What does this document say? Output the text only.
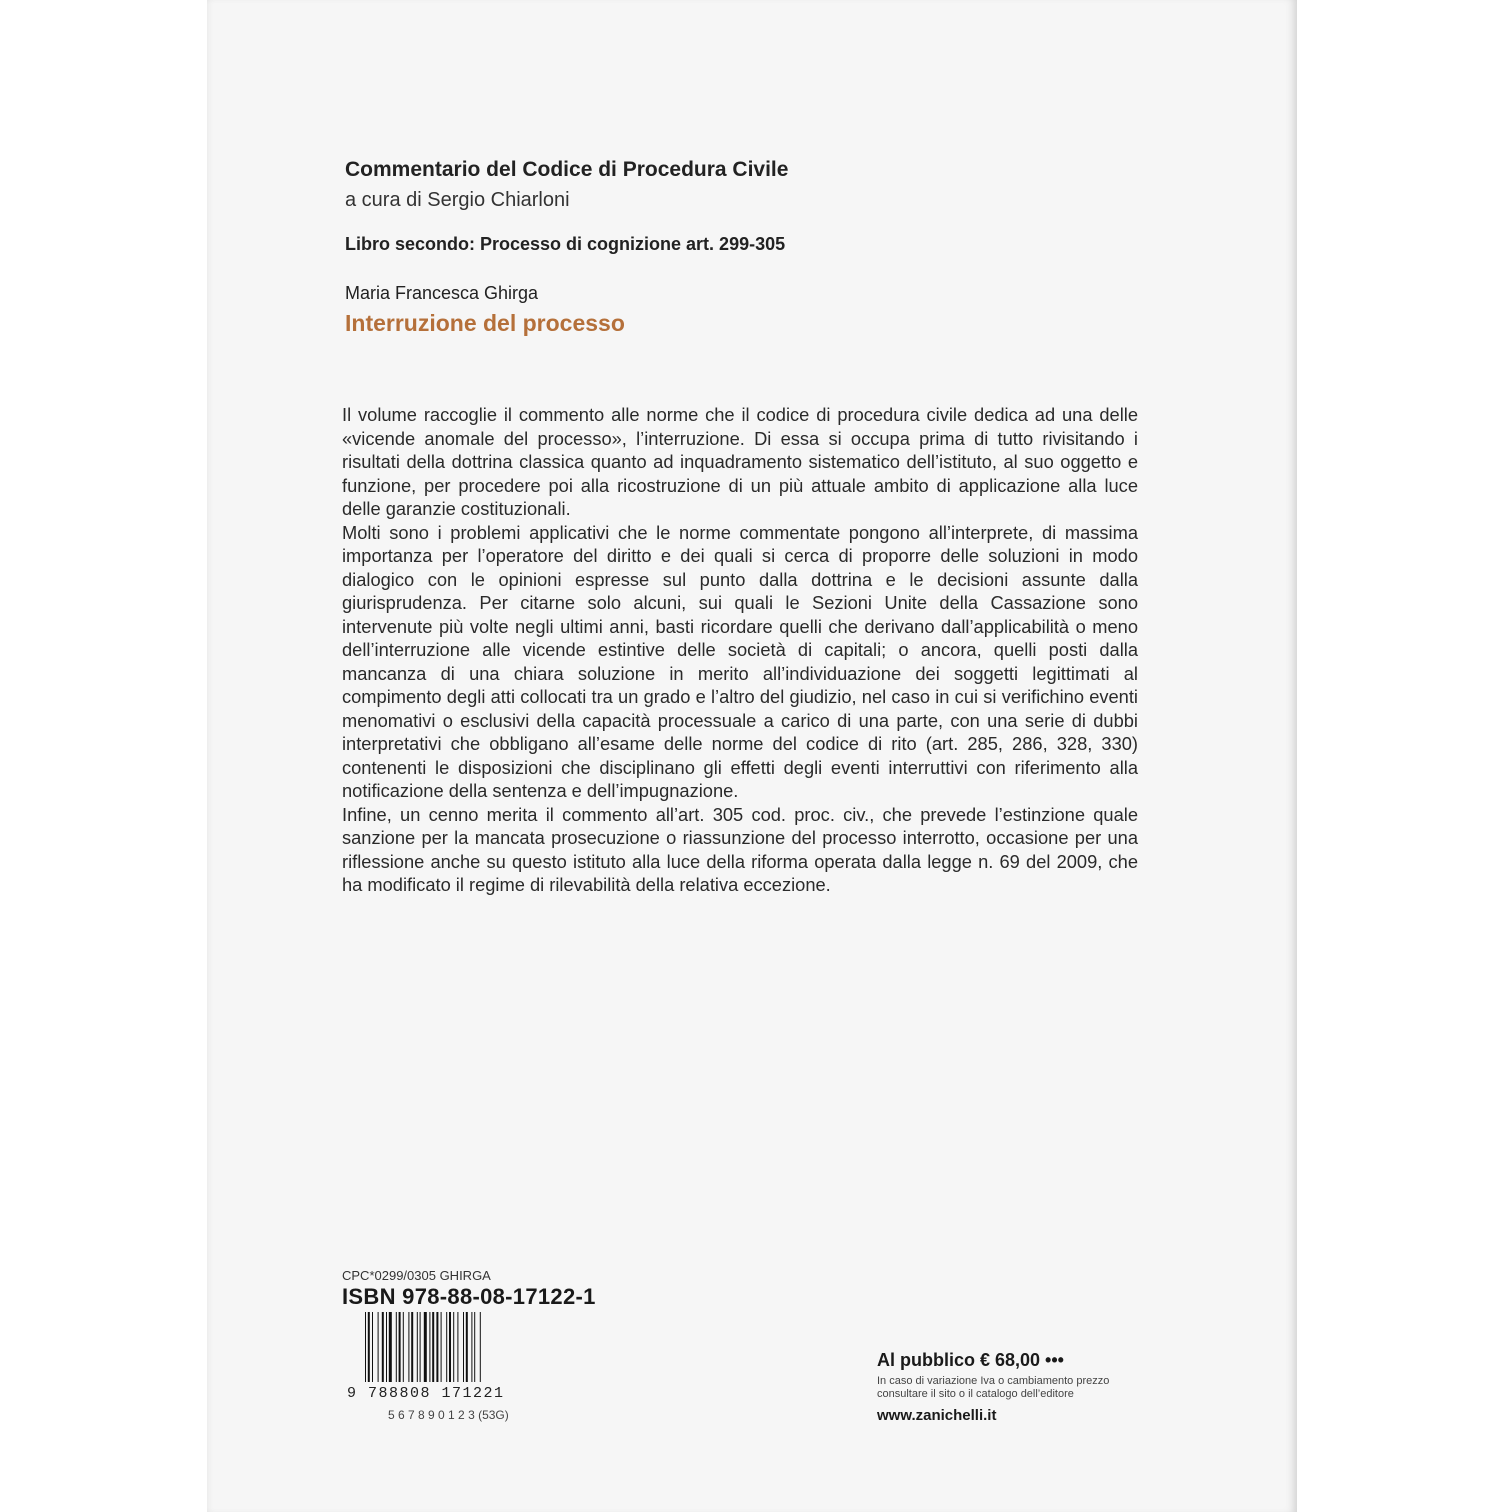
Commentario del Codice di Procedura Civile
a cura di Sergio Chiarloni
Libro secondo: Processo di cognizione art. 299-305
Maria Francesca Ghirga
Interruzione del processo

Il volume raccoglie il commento alle norme che il codice di procedura civile dedica ad una delle «vicende anomale del processo», l’interruzione. Di essa si occupa prima di tutto rivisitando i risultati della dottrina classica quanto ad inquadramento sistematico dell’istituto, al suo oggetto e funzione, per procedere poi alla ricostruzione di un più attuale ambito di applicazione alla luce delle garanzie costituzionali.

Molti sono i problemi applicativi che le norme commentate pongono all’interprete, di massima importanza per l’operatore del diritto e dei quali si cerca di proporre delle soluzioni in modo dialogico con le opinioni espresse sul punto dalla dottrina e le decisioni assunte dalla giurisprudenza. Per citarne solo alcuni, sui quali le Sezioni Unite della Cassazione sono intervenute più volte negli ultimi anni, basti ricordare quelli che derivano dall’applicabilità o meno dell’interruzione alle vicende estintive delle società di capitali; o ancora, quelli posti dalla mancanza di una chiara soluzione in merito all’individuazione dei soggetti legittimati al compimento degli atti collocati tra un grado e l’altro del giudizio, nel caso in cui si verifichino eventi menomativi o esclusivi della capacità processuale a carico di una parte, con una serie di dubbi interpretativi che obbligano all’esame delle norme del codice di rito (art. 285, 286, 328, 330) contenenti le disposizioni che disciplinano gli effetti degli eventi interruttivi con riferimento alla notificazione della sentenza e dell’impugnazione.

Infine, un cenno merita il commento all’art. 305 cod. proc. civ., che prevede l’estinzione quale sanzione per la mancata prosecuzione o riassunzione del processo interrotto, occasione per una riflessione anche su questo istituto alla luce della riforma operata dalla legge n. 69 del 2009, che ha modificato il regime di rilevabilità della relativa eccezione.

CPC*0299/0305 GHIRGA
ISBN 978-88-08-17122-1
9 788808 171221
5 6 7 8 9 0 1 2 3 (53G)
Al pubblico € 68,00 •••
In caso di variazione Iva o cambiamento prezzo
consultare il sito o il catalogo dell’editore
www.zanichelli.it
